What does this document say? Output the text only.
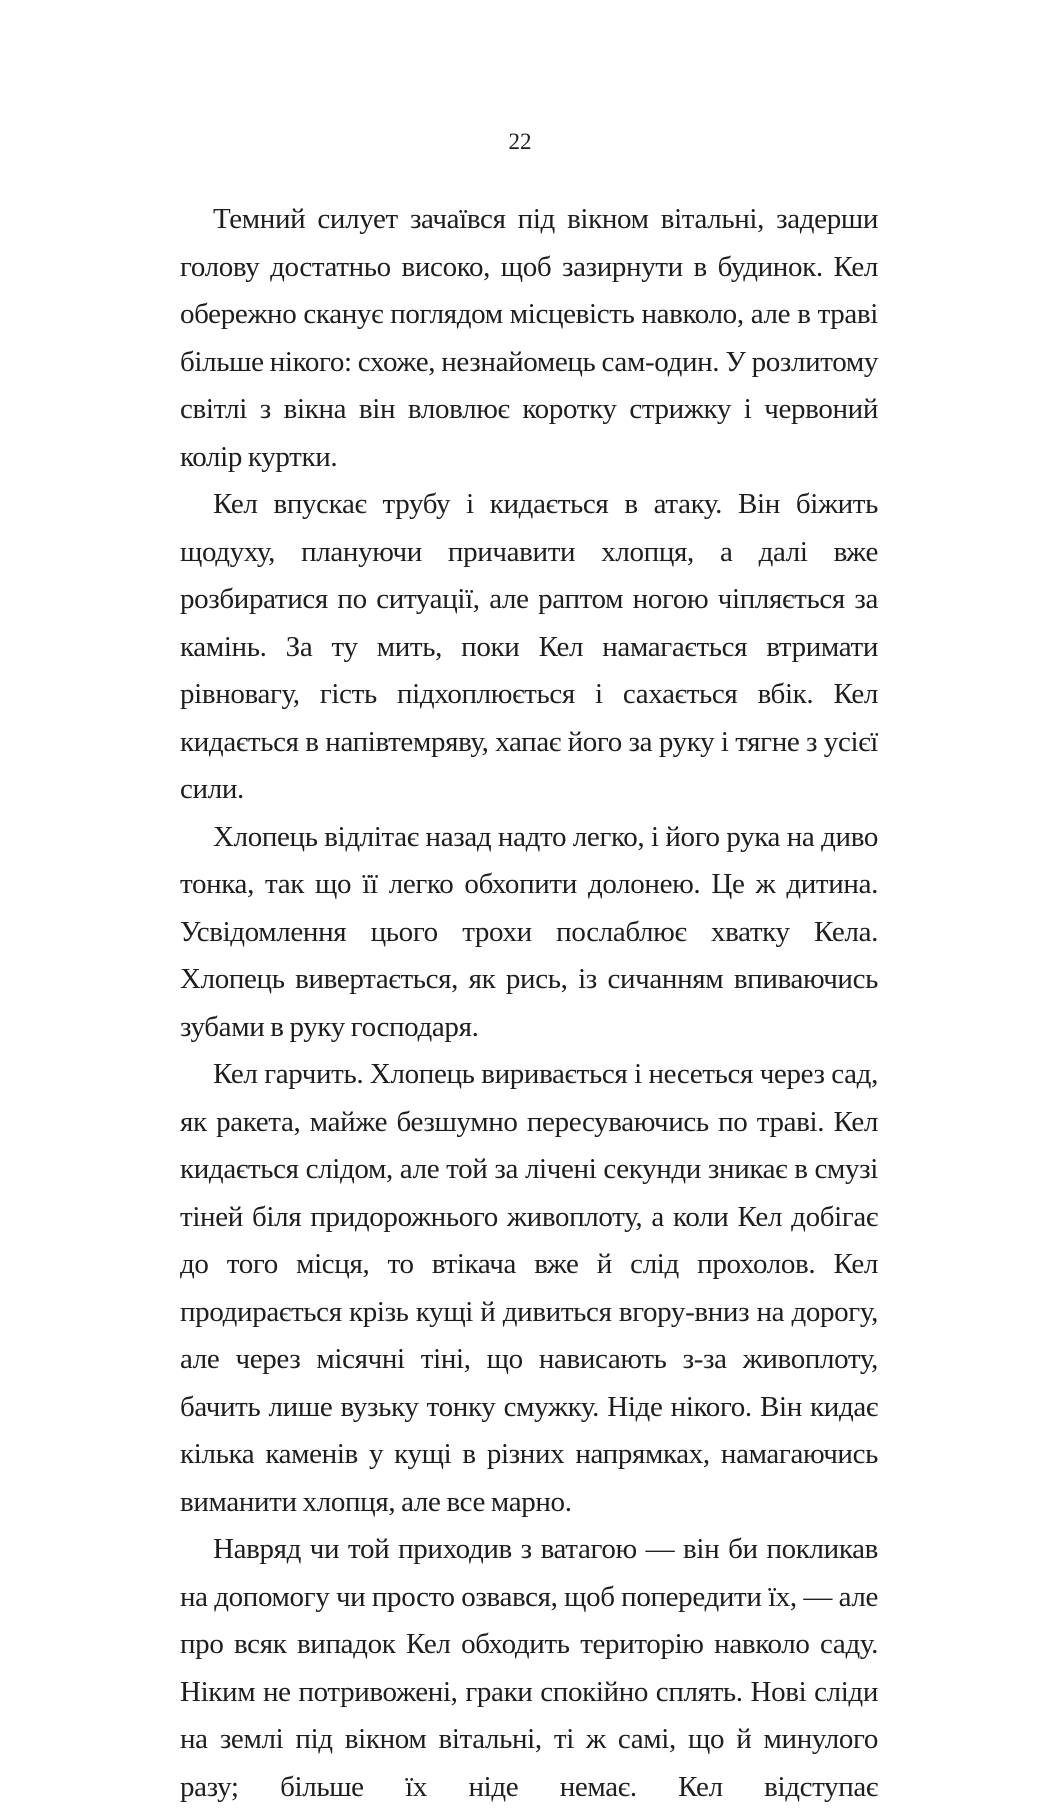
22

Темний силует зачаївся під вікном вітальні, задерши голову достатньо високо, щоб зазирнути в будинок. Кел обережно сканує поглядом місцевість навколо, але в траві більше нікого: схоже, незнайомець сам-один. У розлитому світлі з вікна він вловлює коротку стрижку і червоний колір куртки.

Кел впускає трубу і кидається в атаку. Він біжить щодуху, плануючи причавити хлопця, а далі вже розбиратися по ситуації, але раптом ногою чіпляється за камінь. За ту мить, поки Кел намагається втримати рівновагу, гість підхоплюється і сахається вбік. Кел кидається в напівтемряву, хапає його за руку і тягне з усієї сили.

Хлопець відлітає назад надто легко, і його рука на диво тонка, так що її легко обхопити долонею. Це ж дитина. Усвідомлення цього трохи послаблює хватку Кела. Хлопець вивертається, як рись, із сичанням впиваючись зубами в руку господаря.

Кел гарчить. Хлопець виривається і несеться через сад, як ракета, майже безшумно пересуваючись по траві. Кел кидається слідом, але той за лічені секунди зникає в смузі тіней біля придорожнього живоплоту, а коли Кел добігає до того місця, то втікача вже й слід прохолов. Кел продирається крізь кущі й дивиться вгору-вниз на дорогу, але через місячні тіні, що нависають з-за живоплоту, бачить лише вузьку тонку смужку. Ніде нікого. Він кидає кілька каменів у кущі в різних напрямках, намагаючись виманити хлопця, але все марно.

Навряд чи той приходив з ватагою — він би покликав на допомогу чи просто озвався, щоб попередити їх, — але про всяк випадок Кел обходить територію навколо саду. Ніким не потривожені, граки спокійно сплять. Нові сліди на землі під вікном вітальні, ті ж самі, що й минулого разу; більше їх ніде немає. Кел відступає
